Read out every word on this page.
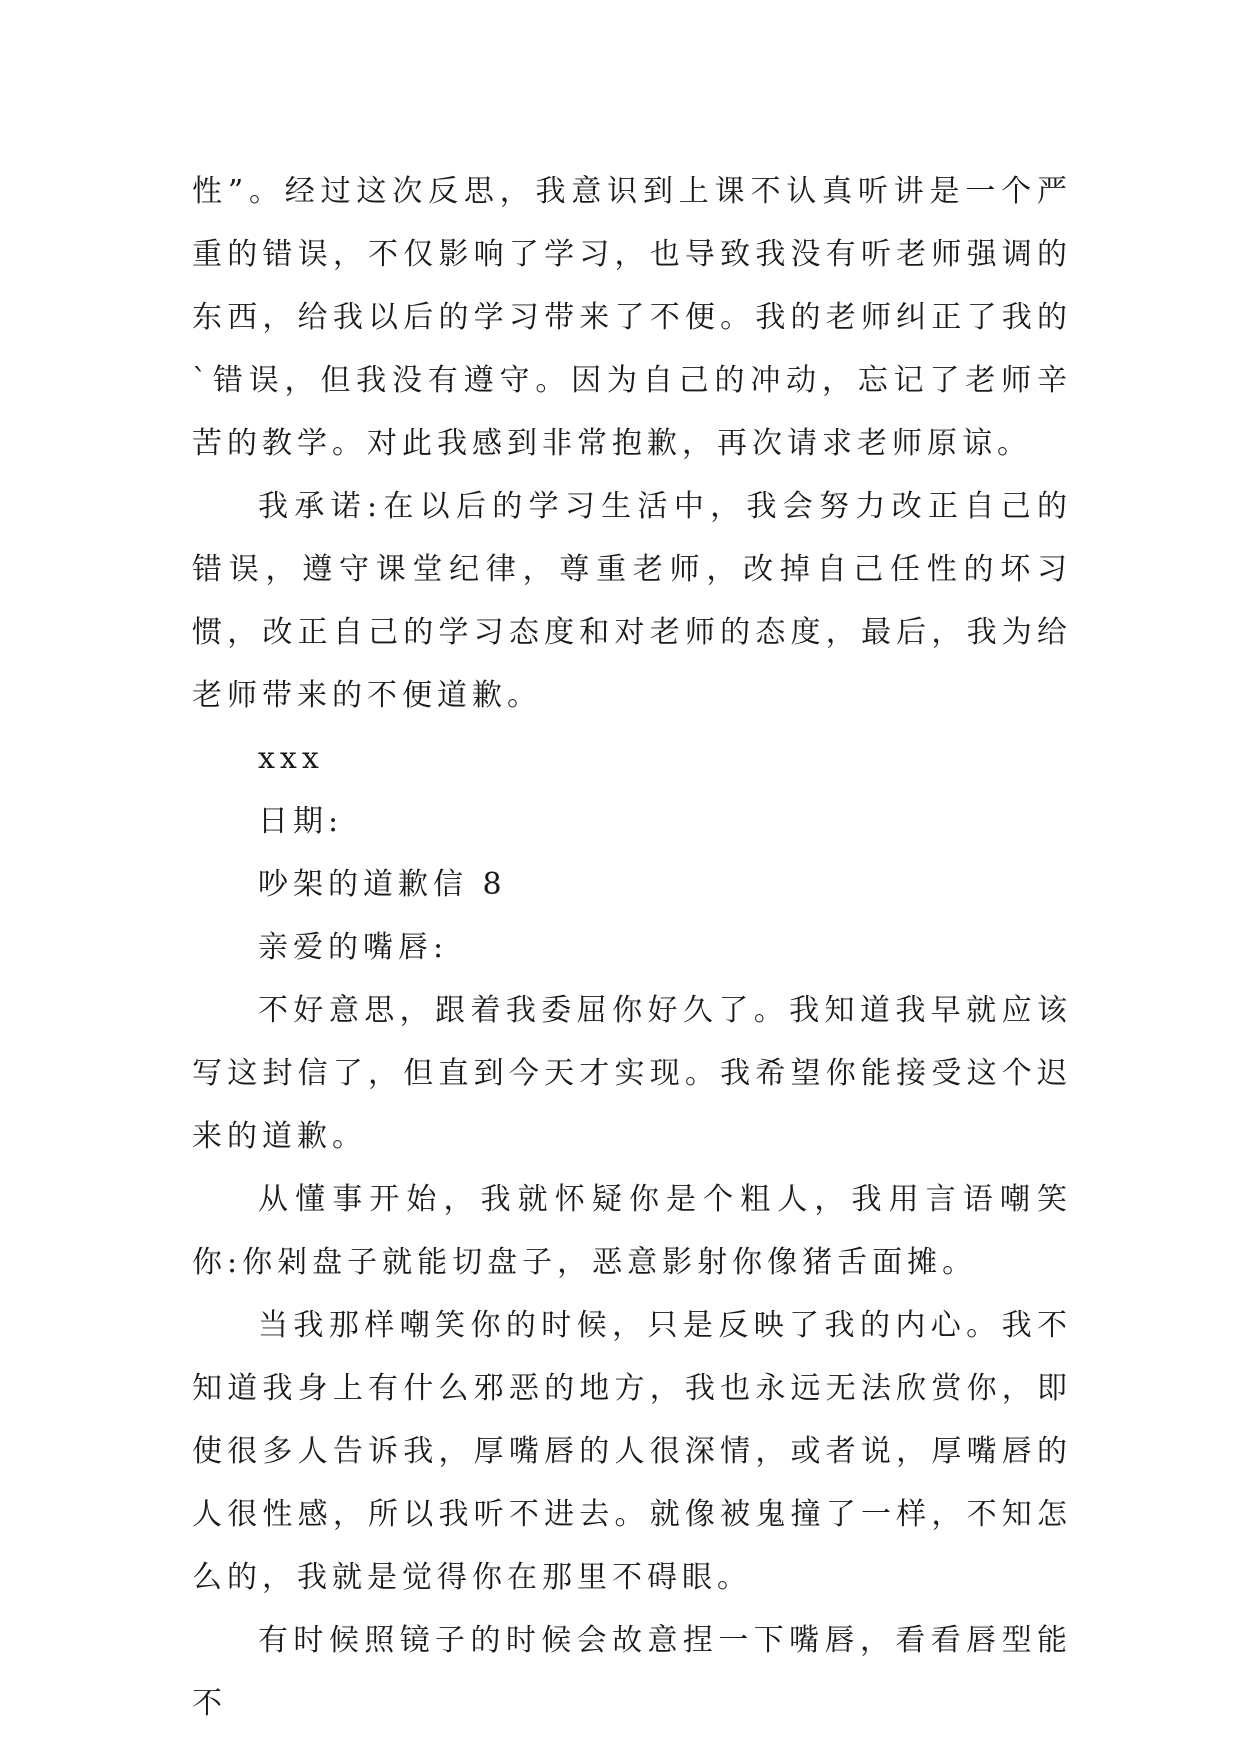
性”。经过这次反思，我意识到上课不认真听讲是一个严重的错误，不仅影响了学习，也导致我没有听老师强调的东西，给我以后的学习带来了不便。我的老师纠正了我的`错误，但我没有遵守。因为自己的冲动，忘记了老师辛苦的教学。对此我感到非常抱歉，再次请求老师原谅。

我承诺:在以后的学习生活中，我会努力改正自己的错误，遵守课堂纪律，尊重老师，改掉自己任性的坏习惯，改正自己的学习态度和对老师的态度，最后，我为给老师带来的不便道歉。

xxx

日期:

吵架的道歉信 8

亲爱的嘴唇:

不好意思，跟着我委屈你好久了。我知道我早就应该写这封信了，但直到今天才实现。我希望你能接受这个迟来的道歉。

从懂事开始，我就怀疑你是个粗人，我用言语嘲笑你:你剁盘子就能切盘子，恶意影射你像猪舌面摊。

当我那样嘲笑你的时候，只是反映了我的内心。我不知道我身上有什么邪恶的地方，我也永远无法欣赏你，即使很多人告诉我，厚嘴唇的人很深情，或者说，厚嘴唇的人很性感，所以我听不进去。就像被鬼撞了一样，不知怎么的，我就是觉得你在那里不碍眼。

有时候照镜子的时候会故意捏一下嘴唇，看看唇型能不
